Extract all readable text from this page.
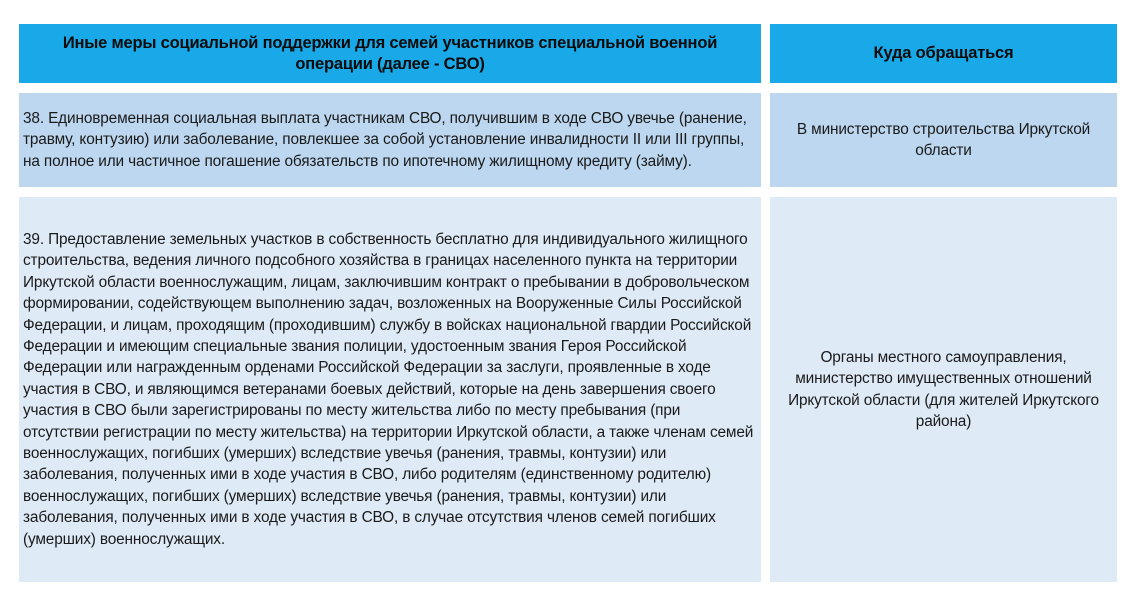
Иные меры социальной поддержки для семей участников специальной военной операции (далее - СВО)
Куда обращаться
38. Единовременная социальная выплата участникам СВО, получившим в ходе СВО увечье (ранение, травму, контузию) или заболевание, повлекшее за собой установление инвалидности II или III группы, на полное или частичное погашение обязательств по ипотечному жилищному кредиту (займу).
В министерство строительства Иркутской области
39. Предоставление земельных участков в собственность бесплатно для индивидуального жилищного строительства, ведения личного подсобного хозяйства в границах населенного пункта на территории Иркутской области военнослужащим, лицам, заключившим контракт о пребывании в добровольческом формировании, содействующем выполнению задач, возложенных на Вооруженные Силы Российской Федерации, и лицам, проходящим (проходившим) службу в войсках национальной гвардии Российской Федерации и имеющим специальные звания полиции, удостоенным звания Героя Российской Федерации или награжденным орденами Российской Федерации за заслуги, проявленные в ходе участия в СВО, и являющимся ветеранами боевых действий, которые на день завершения своего участия в СВО были зарегистрированы по месту жительства либо по месту пребывания (при отсутствии регистрации по месту жительства) на территории Иркутской области, а также членам семей военнослужащих, погибших (умерших) вследствие увечья (ранения, травмы, контузии) или заболевания, полученных ими в ходе участия в СВО, либо родителям (единственному родителю) военнослужащих, погибших (умерших) вследствие увечья (ранения, травмы, контузии) или заболевания, полученных ими в ходе участия в СВО, в случае отсутствия членов семей погибших (умерших) военнослужащих.
Органы местного самоуправления, министерство имущественных отношений Иркутской области (для жителей Иркутского района)
